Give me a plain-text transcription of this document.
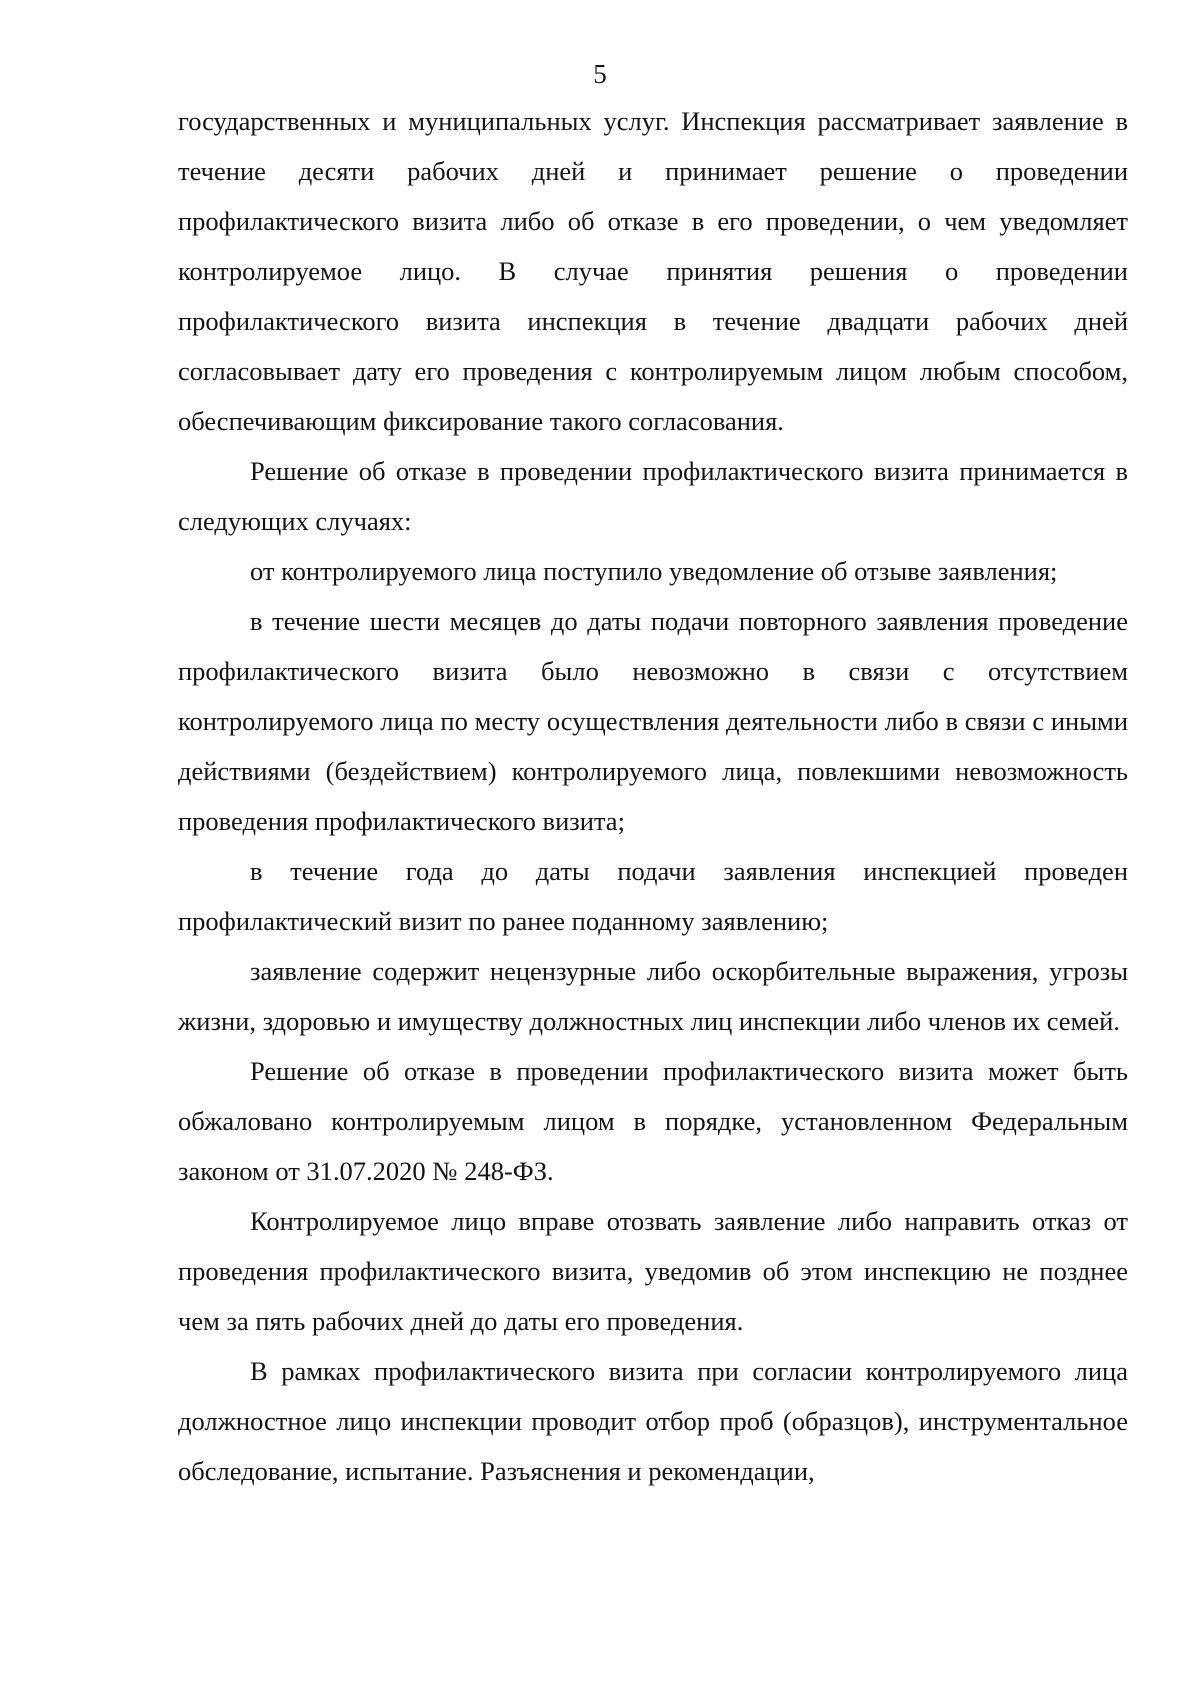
5

государственных и муниципальных услуг. Инспекция рассматривает заявление в течение десяти рабочих дней и принимает решение о проведении профилактического визита либо об отказе в его проведении, о чем уведомляет контролируемое лицо. В случае принятия решения о проведении профилактического визита инспекция в течение двадцати рабочих дней согласовывает дату его проведения с контролируемым лицом любым способом, обеспечивающим фиксирование такого согласования.

Решение об отказе в проведении профилактического визита принимается в следующих случаях:

от контролируемого лица поступило уведомление об отзыве заявления;

в течение шести месяцев до даты подачи повторного заявления проведение профилактического визита было невозможно в связи с отсутствием контролируемого лица по месту осуществления деятельности либо в связи с иными действиями (бездействием) контролируемого лица, повлекшими невозможность проведения профилактического визита;

в течение года до даты подачи заявления инспекцией проведен профилактический визит по ранее поданному заявлению;

заявление содержит нецензурные либо оскорбительные выражения, угрозы жизни, здоровью и имуществу должностных лиц инспекции либо членов их семей.

Решение об отказе в проведении профилактического визита может быть обжаловано контролируемым лицом в порядке, установленном Федеральным законом от 31.07.2020 № 248-ФЗ.

Контролируемое лицо вправе отозвать заявление либо направить отказ от проведения профилактического визита, уведомив об этом инспекцию не позднее чем за пять рабочих дней до даты его проведения.

В рамках профилактического визита при согласии контролируемого лица должностное лицо инспекции проводит отбор проб (образцов), инструментальное обследование, испытание. Разъяснения и рекомендации,
